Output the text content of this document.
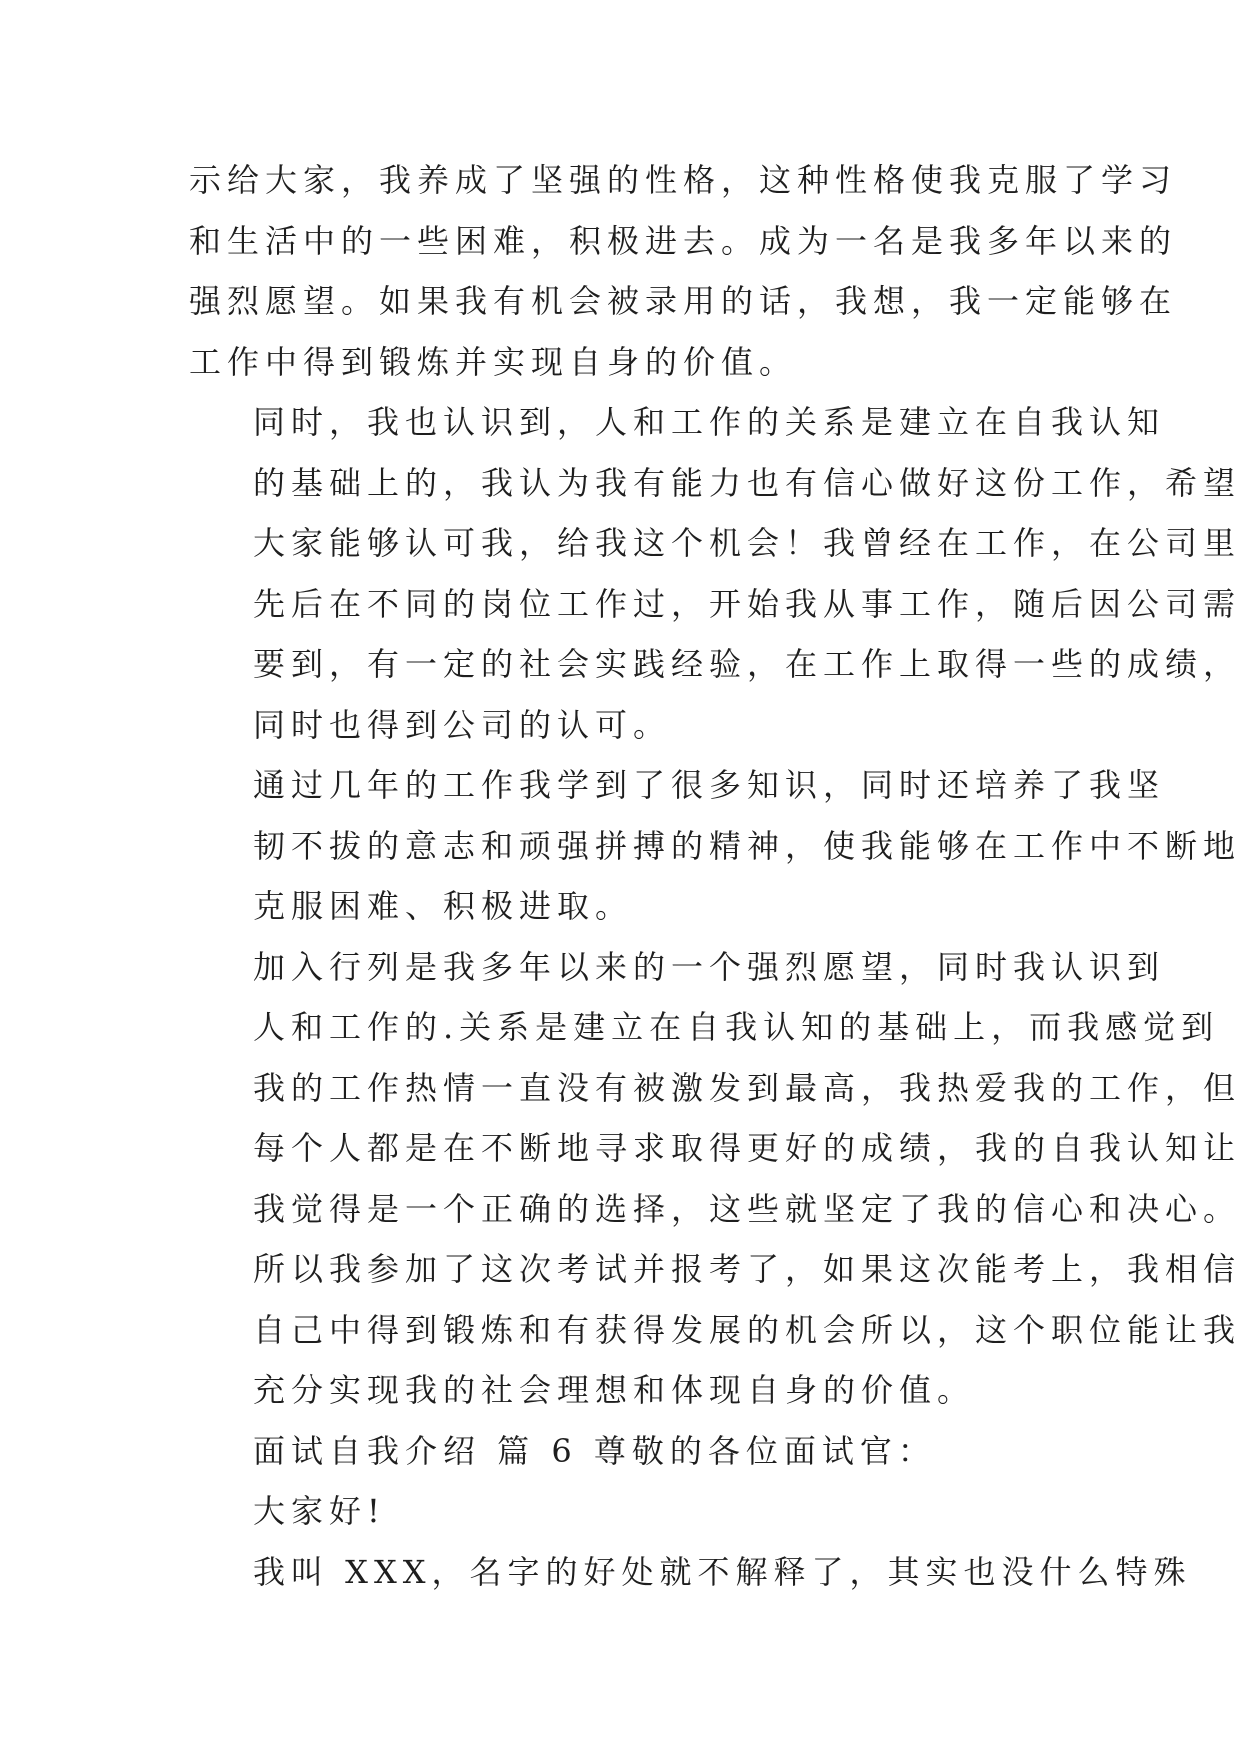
示给大家，我养成了坚强的性格，这种性格使我克服了学习
和生活中的一些困难，积极进去。成为一名是我多年以来的
强烈愿望。如果我有机会被录用的话，我想，我一定能够在
工作中得到锻炼并实现自身的价值。

同时，我也认识到，人和工作的关系是建立在自我认知
的基础上的，我认为我有能力也有信心做好这份工作，希望
大家能够认可我，给我这个机会！我曾经在工作，在公司里
先后在不同的岗位工作过，开始我从事工作，随后因公司需
要到，有一定的社会实践经验，在工作上取得一些的成绩，
同时也得到公司的认可。

通过几年的工作我学到了很多知识，同时还培养了我坚
韧不拔的意志和顽强拼搏的精神，使我能够在工作中不断地
克服困难、积极进取。

加入行列是我多年以来的一个强烈愿望，同时我认识到
人和工作的.关系是建立在自我认知的基础上，而我感觉到
我的工作热情一直没有被激发到最高，我热爱我的工作，但
每个人都是在不断地寻求取得更好的成绩，我的自我认知让
我觉得是一个正确的选择，这些就坚定了我的信心和决心。
所以我参加了这次考试并报考了，如果这次能考上，我相信
自己中得到锻炼和有获得发展的机会所以，这个职位能让我
充分实现我的社会理想和体现自身的价值。

面试自我介绍 篇 6 尊敬的各位面试官：

大家好!

我叫 XXX，名字的好处就不解释了，其实也没什么特殊
